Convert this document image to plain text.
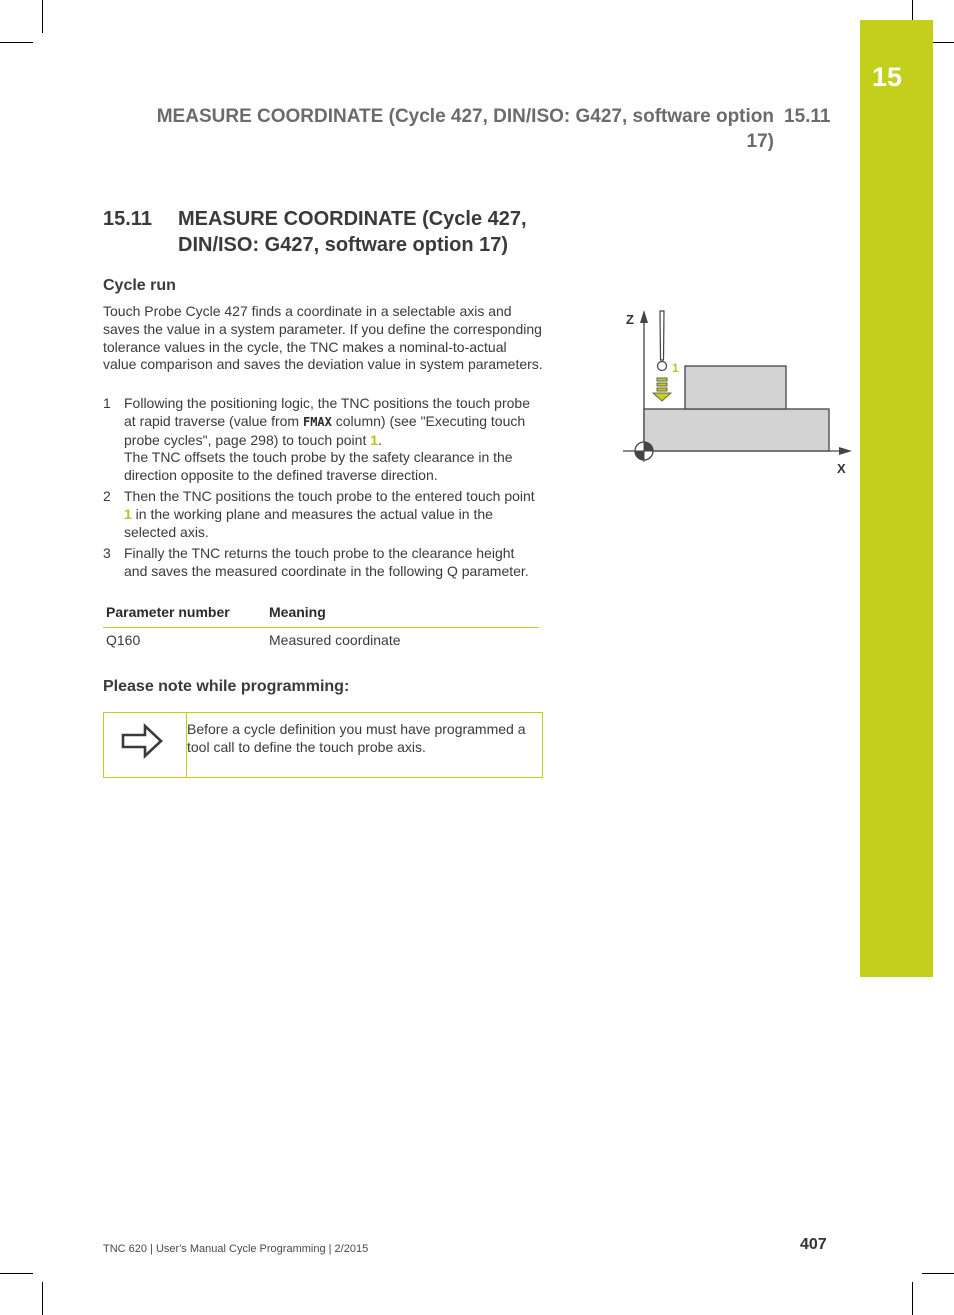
15
MEASURE COORDINATE (Cycle 427, DIN/ISO: G427, software option
17)
15.11
15.11 MEASURE COORDINATE (Cycle 427, DIN/ISO: G427, software option 17)
Cycle run
Touch Probe Cycle 427 finds a coordinate in a selectable axis and saves the value in a system parameter. If you define the corresponding tolerance values in the cycle, the TNC makes a nominal-to-actual value comparison and saves the deviation value in system parameters.
1 Following the positioning logic, the TNC positions the touch probe at rapid traverse (value from FMAX column) (see "Executing touch probe cycles", page 298) to touch point 1.
The TNC offsets the touch probe by the safety clearance in the direction opposite to the defined traverse direction.
2 Then the TNC positions the touch probe to the entered touch point 1 in the working plane and measures the actual value in the selected axis.
3 Finally the TNC returns the touch probe to the clearance height and saves the measured coordinate in the following Q parameter.
Parameter number	Meaning
Q160	Measured coordinate
Please note while programming:
Before a cycle definition you must have programmed a tool call to define the touch probe axis.
Z
X
1
TNC 620 | User's Manual Cycle Programming | 2/2015	407
